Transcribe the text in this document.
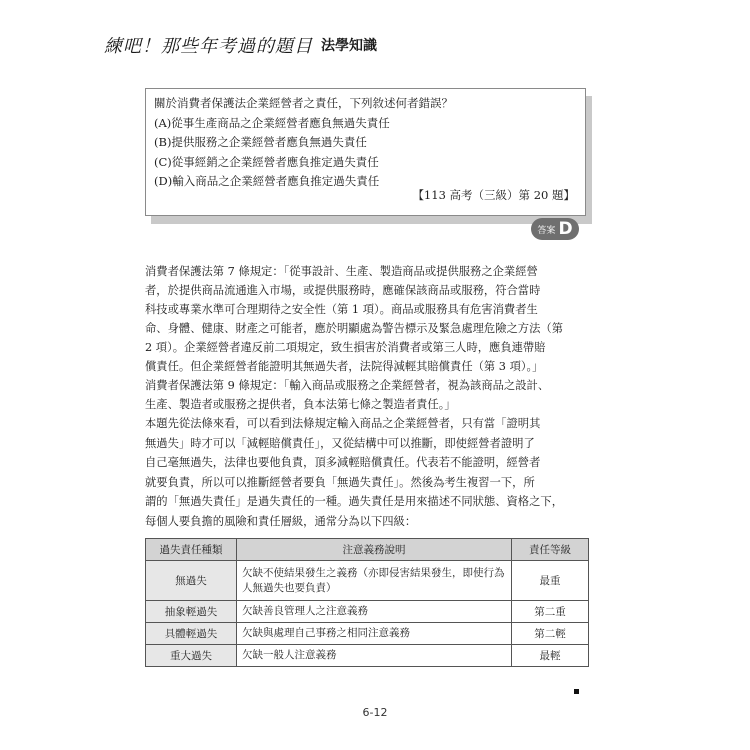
練吧！那些年考過的題目 法學知識
關於消費者保護法企業經營者之責任，下列敘述何者錯誤？
(A)從事生產商品之企業經營者應負無過失責任
(B)提供服務之企業經營者應負無過失責任
(C)從事經銷之企業經營者應負推定過失責任
(D)輸入商品之企業經營者應負推定過失責任
【113 高考（三級）第 20 題】
答案 D
消費者保護法第 7 條規定：「從事設計、生產、製造商品或提供服務之企業經營
者，於提供商品流通進入市場，或提供服務時，應確保該商品或服務，符合當時
科技或專業水準可合理期待之安全性（第 1 項）。商品或服務具有危害消費者生
命、身體、健康、財產之可能者，應於明顯處為警告標示及緊急處理危險之方法（第
2 項）。企業經營者違反前二項規定，致生損害於消費者或第三人時，應負連帶賠
償責任。但企業經營者能證明其無過失者，法院得減輕其賠償責任（第 3 項）。」
消費者保護法第 9 條規定：「輸入商品或服務之企業經營者，視為該商品之設計、
生產、製造者或服務之提供者，負本法第七條之製造者責任。」
本題先從法條來看，可以看到法條規定輸入商品之企業經營者，只有當「證明其
無過失」時才可以「減輕賠償責任」，又從結構中可以推斷，即使經營者證明了
自己毫無過失，法律也要他負責，頂多減輕賠償責任。代表若不能證明，經營者
就要負責，所以可以推斷經營者要負「無過失責任」。然後為考生複習一下，所
謂的「無過失責任」是過失責任的一種。過失責任是用來描述不同狀態、資格之下，
每個人要負擔的風險和責任層級，通常分為以下四級：
過失責任種類	注意義務說明	責任等級
無過失	欠缺不使結果發生之義務（亦即侵害結果發生，即使行為人無過失也要負責）	最重
抽象輕過失	欠缺善良管理人之注意義務	第二重
具體輕過失	欠缺與處理自己事務之相同注意義務	第二輕
重大過失	欠缺一般人注意義務	最輕
6-12
